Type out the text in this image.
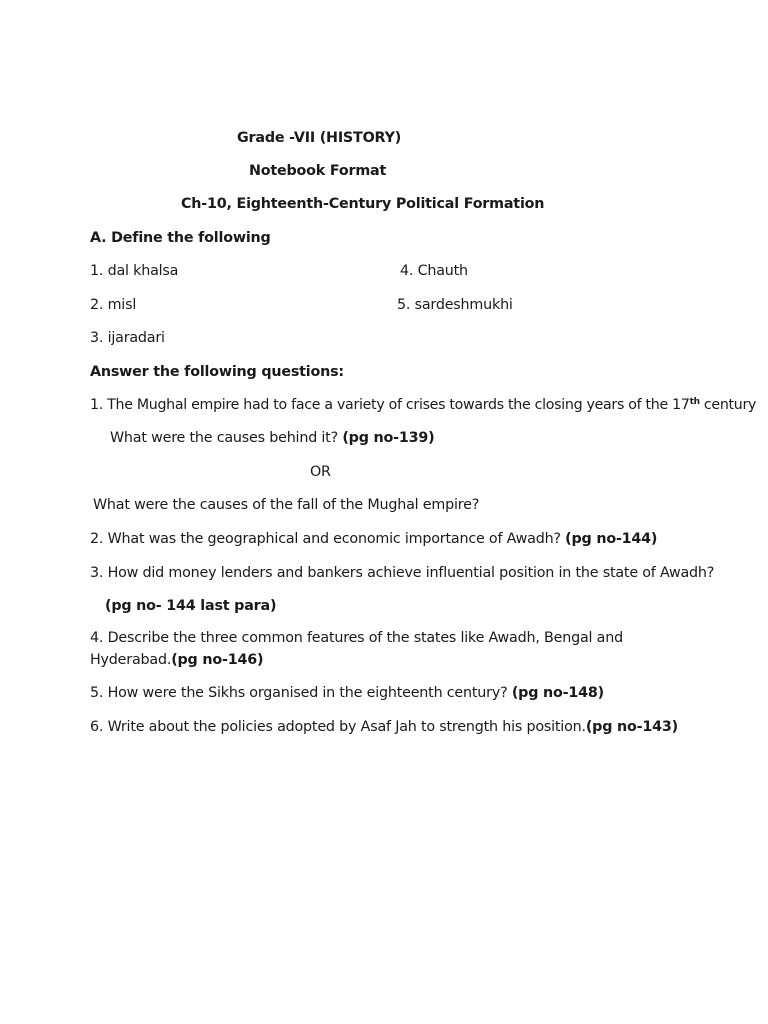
Grade -VII (HISTORY)

Notebook Format

Ch-10, Eighteenth-Century Political Formation

A. Define the following

1. dal khalsa	4. Chauth

2. misl	5. sardeshmukhi

3. ijaradari

Answer the following questions:

1. The Mughal empire had to face a variety of crises towards the closing years of the 17th century

What were the causes behind it? (pg no-139)

OR

What were the causes of the fall of the Mughal empire?

2. What was the geographical and economic importance of Awadh? (pg no-144)

3. How did money lenders and bankers achieve influential position in the state of Awadh?

(pg no- 144 last para)

4. Describe the three common features of the states like Awadh, Bengal and

Hyderabad.(pg no-146)

5. How were the Sikhs organised in the eighteenth century? (pg no-148)

6. Write about the policies adopted by Asaf Jah to strength his position.(pg no-143)
